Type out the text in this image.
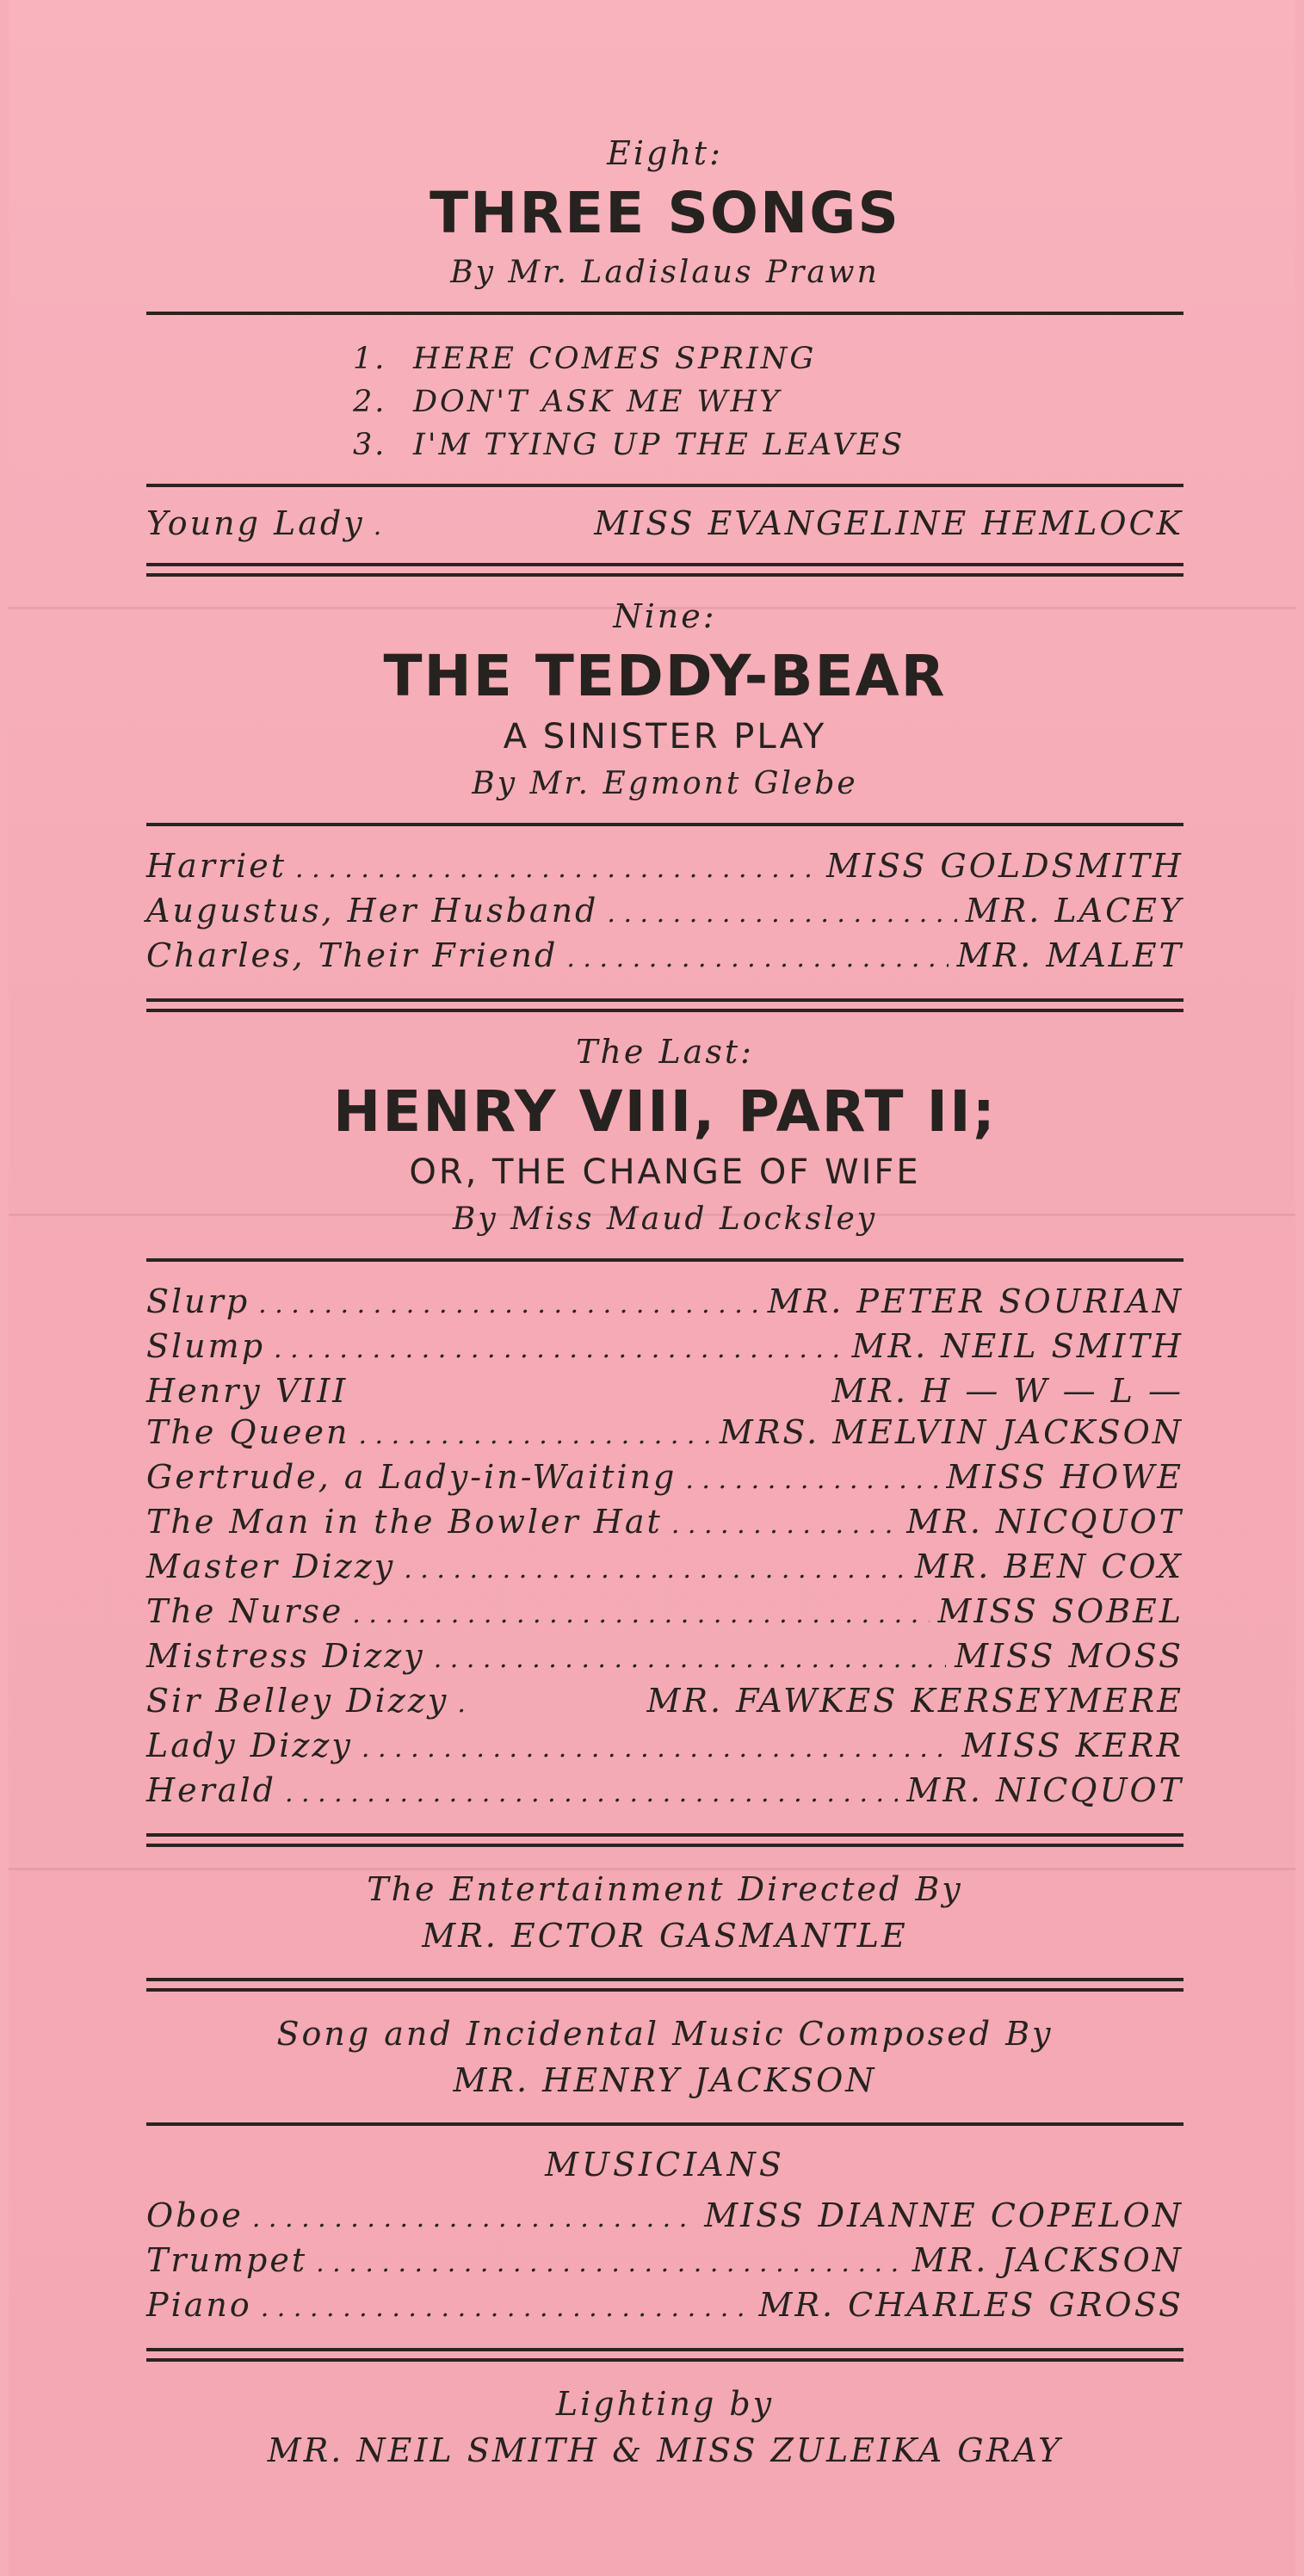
Eight:
THREE SONGS
By Mr. Ladislaus Prawn
1. HERE COMES SPRING
2. DON'T ASK ME WHY
3. I'M TYING UP THE LEAVES
Young Lady .	MISS EVANGELINE HEMLOCK
Nine:
THE TEDDY-BEAR
A SINISTER PLAY
By Mr. Egmont Glebe
Harriet . . .	MISS GOLDSMITH
Augustus, Her Husband . . .	MR. LACEY
Charles, Their Friend . . .	MR. MALET
The Last:
HENRY VIII, PART II;
OR, THE CHANGE OF WIFE
By Miss Maud Locksley
Slurp . . .	MR. PETER SOURIAN
Slump . . .	MR. NEIL SMITH
Henry VIII	MR. H — W — L —
The Queen . . .	MRS. MELVIN JACKSON
Gertrude, a Lady-in-Waiting . . .	MISS HOWE
The Man in the Bowler Hat . . .	MR. NICQUOT
Master Dizzy . . .	MR. BEN COX
The Nurse . . .	MISS SOBEL
Mistress Dizzy . . .	MISS MOSS
Sir Belley Dizzy .	MR. FAWKES KERSEYMERE
Lady Dizzy . . .	MISS KERR
Herald . . .	MR. NICQUOT
The Entertainment Directed By
MR. ECTOR GASMANTLE
Song and Incidental Music Composed By
MR. HENRY JACKSON
MUSICIANS
Oboe . . .	MISS DIANNE COPELON
Trumpet . . .	MR. JACKSON
Piano . . .	MR. CHARLES GROSS
Lighting by
MR. NEIL SMITH & MISS ZULEIKA GRAY
